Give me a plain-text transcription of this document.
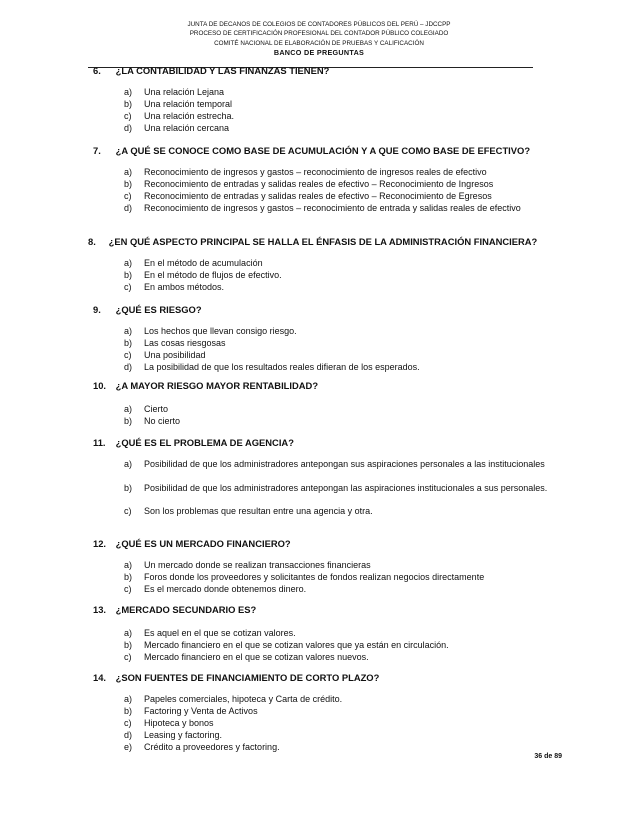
JUNTA DE DECANOS DE COLEGIOS DE CONTADORES PÚBLICOS DEL PERÚ – JDCCPP
PROCESO DE CERTIFICACIÓN PROFESIONAL DEL CONTADOR PÚBLICO COLEGIADO
COMITÉ NACIONAL DE ELABORACIÓN DE PRUEBAS Y CALIFICACIÓN
BANCO DE PREGUNTAS
6. ¿LA CONTABILIDAD Y LAS FINANZAS TIENEN?
a) Una relación Lejana
b) Una relación temporal
c) Una relación estrecha.
d) Una relación cercana
7. ¿A QUÉ SE CONOCE COMO BASE DE ACUMULACIÓN Y A QUE COMO BASE DE EFECTIVO?
a) Reconocimiento de ingresos y gastos – reconocimiento de ingresos reales de efectivo
b) Reconocimiento de entradas y salidas reales de efectivo – Reconocimiento de Ingresos
c) Reconocimiento de entradas y salidas reales de efectivo – Reconocimiento de Egresos
d) Reconocimiento de ingresos y gastos – reconocimiento de entrada y salidas reales de efectivo
8. ¿EN QUÉ ASPECTO PRINCIPAL SE HALLA EL ÉNFASIS DE LA ADMINISTRACIÓN FINANCIERA?
a) En el método de acumulación
b) En el método de flujos de efectivo.
c) En ambos métodos.
9. ¿QUÉ ES RIESGO?
a) Los hechos que llevan consigo riesgo.
b) Las cosas riesgosas
c) Una posibilidad
d) La posibilidad de que los resultados reales difieran de los esperados.
10. ¿A MAYOR RIESGO MAYOR RENTABILIDAD?
a) Cierto
b) No cierto
11. ¿QUÉ ES EL PROBLEMA DE AGENCIA?
a) Posibilidad de que los administradores antepongan sus aspiraciones personales a las institucionales
b) Posibilidad de que los administradores antepongan las aspiraciones institucionales a sus personales.
c) Son los problemas que resultan entre una agencia y otra.
12. ¿QUÉ ES UN MERCADO FINANCIERO?
a) Un mercado donde se realizan transacciones financieras
b) Foros donde los proveedores y solicitantes de fondos realizan negocios directamente
c) Es el mercado donde obtenemos dinero.
13. ¿MERCADO SECUNDARIO ES?
a) Es aquel en el que se cotizan valores.
b) Mercado financiero en el que se cotizan valores que ya están en circulación.
c) Mercado financiero en el que se cotizan valores nuevos.
14. ¿SON FUENTES DE FINANCIAMIENTO DE CORTO PLAZO?
a) Papeles comerciales, hipoteca y Carta de crédito.
b) Factoring y Venta de Activos
c) Hipoteca y bonos
d) Leasing y factoring.
e) Crédito a proveedores y factoring.
36 de 89
